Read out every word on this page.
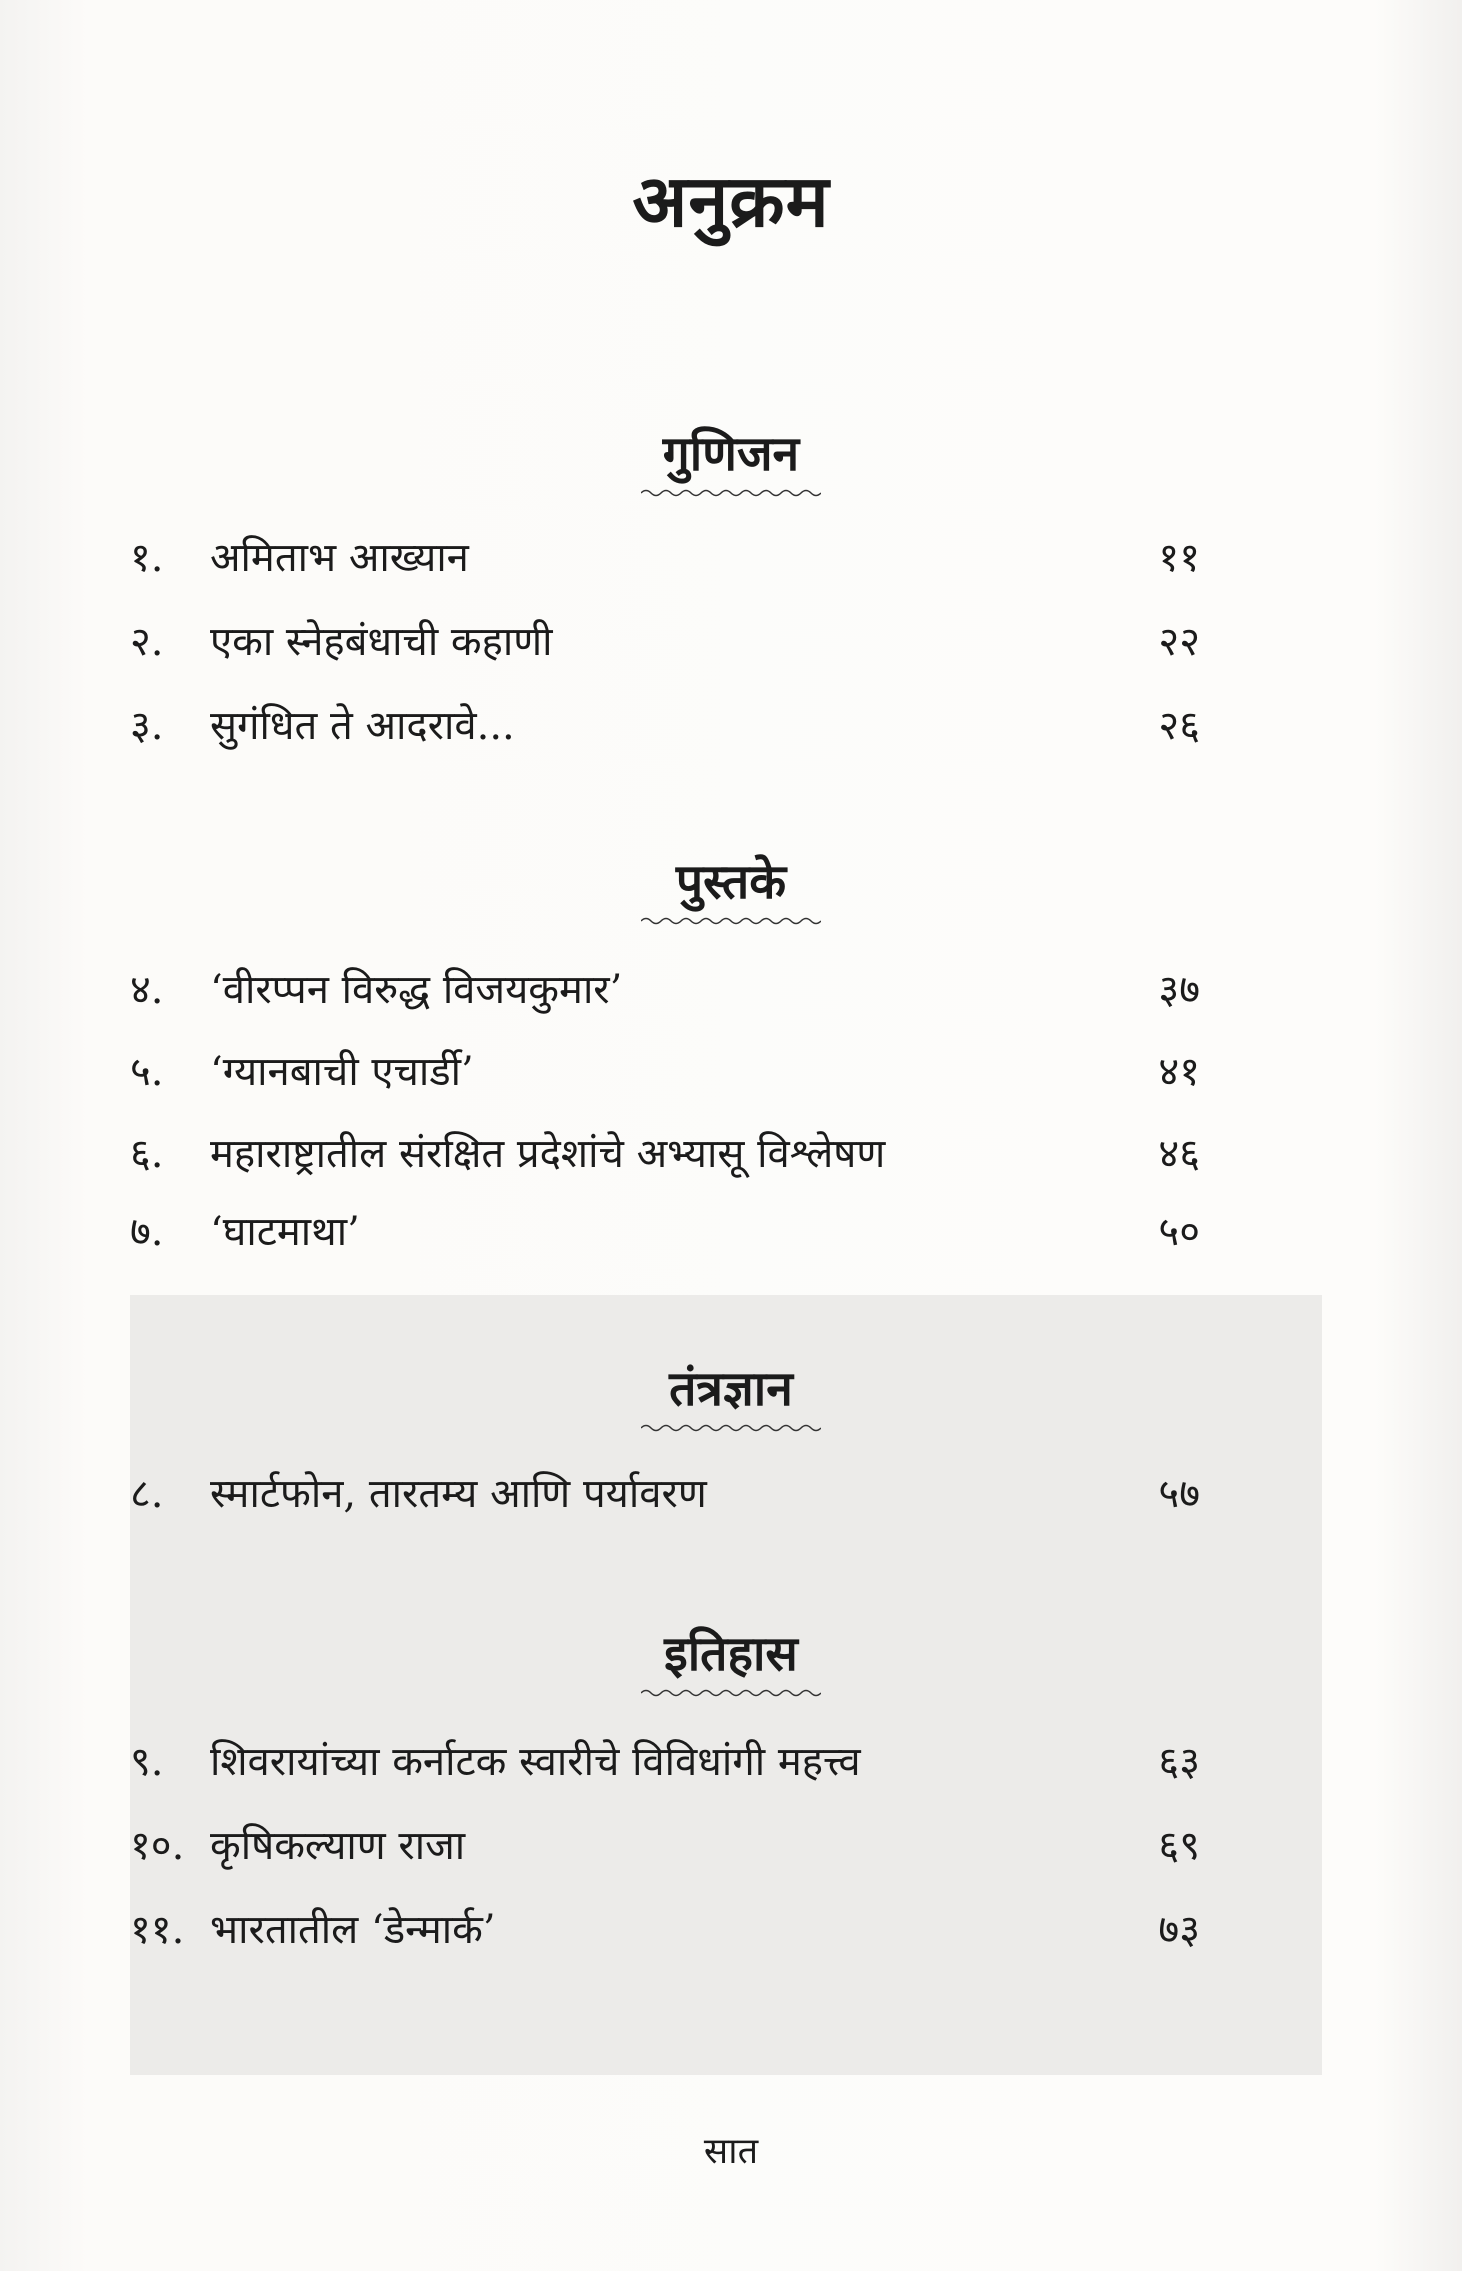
अनुक्रम
गुणिजन
१. अमिताभ आख्यान	११
२. एका स्नेहबंधाची कहाणी	२२
३. सुगंधित ते आदरावे...	२६
पुस्तके
४. ‘वीरप्पन विरुद्ध विजयकुमार’	३७
५. ‘ग्यानबाची एचार्डी’	४१
६. महाराष्ट्रातील संरक्षित प्रदेशांचे अभ्यासू विश्लेषण	४६
७. ‘घाटमाथा’	५०
तंत्रज्ञान
८. स्मार्टफोन, तारतम्य आणि पर्यावरण	५७
इतिहास
९. शिवरायांच्या कर्नाटक स्वारीचे विविधांगी महत्त्व	६३
१०. कृषिकल्याण राजा	६९
११. भारतातील ‘डेन्मार्क’	७३
सात
